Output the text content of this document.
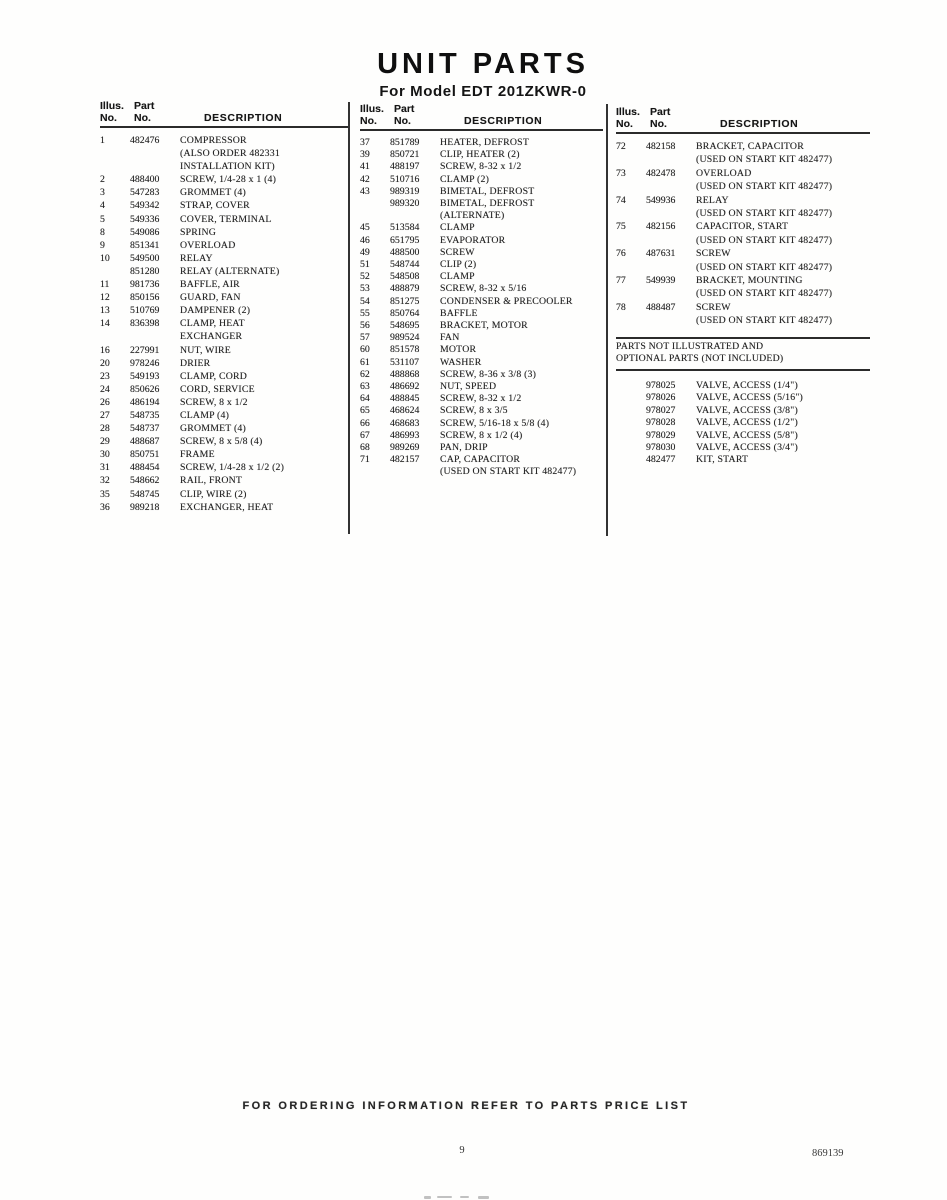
UNIT PARTS
For Model EDT 201ZKWR-0
Illus. Part
No.	No.	DESCRIPTION
1	482476	COMPRESSOR
(ALSO ORDER 482331
INSTALLATION KIT)
2	488400	SCREW, 1/4-28 x 1 (4)
3	547283	GROMMET (4)
4	549342	STRAP, COVER
5	549336	COVER, TERMINAL
8	549086	SPRING
9	851341	OVERLOAD
10	549500	RELAY
851280	RELAY (ALTERNATE)
11	981736	BAFFLE, AIR
12	850156	GUARD, FAN
13	510769	DAMPENER (2)
14	836398	CLAMP, HEAT
EXCHANGER
16	227991	NUT, WIRE
20	978246	DRIER
23	549193	CLAMP, CORD
24	850626	CORD, SERVICE
26	486194	SCREW, 8 x 1/2
27	548735	CLAMP (4)
28	548737	GROMMET (4)
29	488687	SCREW, 8 x 5/8 (4)
30	850751	FRAME
31	488454	SCREW, 1/4-28 x 1/2 (2)
32	548662	RAIL, FRONT
35	548745	CLIP, WIRE (2)
36	989218	EXCHANGER, HEAT
Illus. Part
No.	No.	DESCRIPTION
37	851789	HEATER, DEFROST
39	850721	CLIP, HEATER (2)
41	488197	SCREW, 8-32 x 1/2
42	510716	CLAMP (2)
43	989319	BIMETAL, DEFROST
989320	BIMETAL, DEFROST
(ALTERNATE)
45	513584	CLAMP
46	651795	EVAPORATOR
49	488500	SCREW
51	548744	CLIP (2)
52	548508	CLAMP
53	488879	SCREW, 8-32 x 5/16
54	851275	CONDENSER & PRECOOLER
55	850764	BAFFLE
56	548695	BRACKET, MOTOR
57	989524	FAN
60	851578	MOTOR
61	531107	WASHER
62	488868	SCREW, 8-36 x 3/8 (3)
63	486692	NUT, SPEED
64	488845	SCREW, 8-32 x 1/2
65	468624	SCREW, 8 x 3/5
66	468683	SCREW, 5/16-18 x 5/8 (4)
67	486993	SCREW, 8 x 1/2 (4)
68	989269	PAN, DRIP
71	482157	CAP, CAPACITOR
(USED ON START KIT 482477)
Illus. Part
No.	No.	DESCRIPTION
72	482158	BRACKET, CAPACITOR
(USED ON START KIT 482477)
73	482478	OVERLOAD
(USED ON START KIT 482477)
74	549936	RELAY
(USED ON START KIT 482477)
75	482156	CAPACITOR, START
(USED ON START KIT 482477)
76	487631	SCREW
(USED ON START KIT 482477)
77	549939	BRACKET, MOUNTING
(USED ON START KIT 482477)
78	488487	SCREW
(USED ON START KIT 482477)
PARTS NOT ILLUSTRATED AND
OPTIONAL PARTS (NOT INCLUDED)
978025	VALVE, ACCESS (1/4")
978026	VALVE, ACCESS (5/16")
978027	VALVE, ACCESS (3/8")
978028	VALVE, ACCESS (1/2")
978029	VALVE, ACCESS (5/8")
978030	VALVE, ACCESS (3/4")
482477	KIT, START
FOR ORDERING INFORMATION REFER TO PARTS PRICE LIST
9	869139
